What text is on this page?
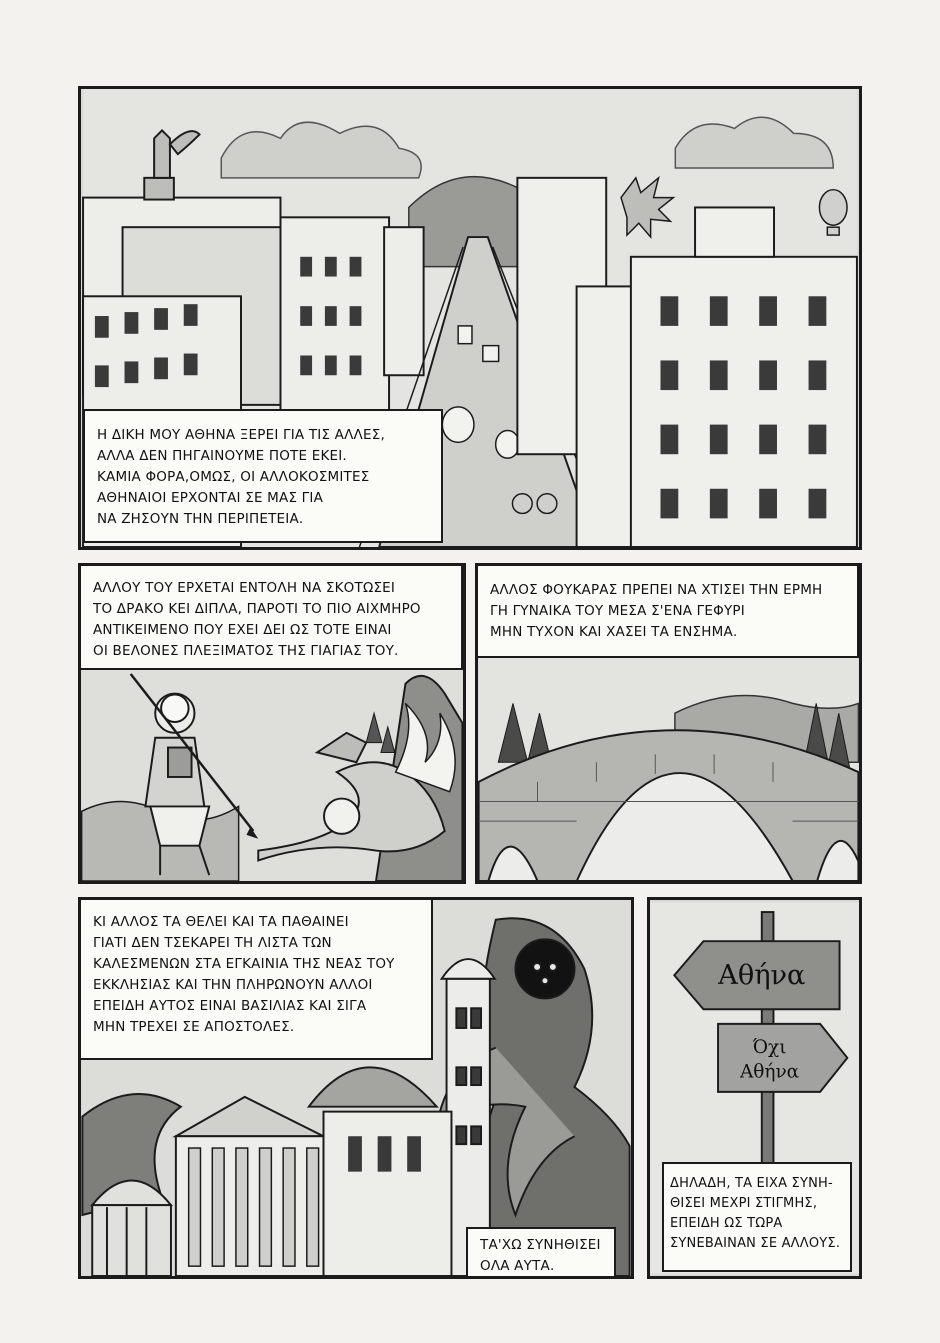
Η ΔΙΚΗ ΜΟΥ ΑΘΗΝΑ ΞΕΡΕΙ ΓΙΑ ΤΙΣ ΑΛΛΕΣ,
ΑΛΛΑ ΔΕΝ ΠΗΓΑΙΝΟΥΜΕ ΠΟΤΕ ΕΚΕΙ.
ΚΑΜΙΑ ΦΟΡΑ,ΟΜΩΣ, ΟΙ ΑΛΛΟΚΟΣΜΙΤΕΣ
ΑΘΗΝΑΙΟΙ ΕΡΧΟΝΤΑΙ ΣΕ ΜΑΣ ΓΙΑ
ΝΑ ΖΗΣΟΥΝ ΤΗΝ ΠΕΡΙΠΕΤΕΙΑ.
ΑΛΛΟΥ ΤΟΥ ΕΡΧΕΤΑΙ ΕΝΤΟΛΗ ΝΑ ΣΚΟΤΩΣΕΙ
ΤΟ ΔΡΑΚΟ ΚΕΙ ΔΙΠΛΑ, ΠΑΡΟΤΙ ΤΟ ΠΙΟ ΑΙΧΜΗΡΟ
ΑΝΤΙΚΕΙΜΕΝΟ ΠΟΥ ΕΧΕΙ ΔΕΙ ΩΣ ΤΟΤΕ ΕΙΝΑΙ
ΟΙ ΒΕΛΟΝΕΣ ΠΛΕΞΙΜΑΤΟΣ ΤΗΣ ΓΙΑΓΙΑΣ ΤΟΥ.
ΑΛΛΟΣ ΦΟΥΚΑΡΑΣ ΠΡΕΠΕΙ ΝΑ ΧΤΙΣΕΙ ΤΗΝ ΕΡΜΗ
ΓΗ ΓΥΝΑΙΚΑ ΤΟΥ ΜΕΣΑ Σ'ΕΝΑ ΓΕΦΥΡΙ
ΜΗΝ ΤΥΧΟΝ ΚΑΙ ΧΑΣΕΙ ΤΑ ΕΝΣΗΜΑ.
ΚΙ ΑΛΛΟΣ ΤΑ ΘΕΛΕΙ ΚΑΙ ΤΑ ΠΑΘΑΙΝΕΙ
ΓΙΑΤΙ ΔΕΝ ΤΣΕΚΑΡΕΙ ΤΗ ΛΙΣΤΑ ΤΩΝ
ΚΑΛΕΣΜΕΝΩΝ ΣΤΑ ΕΓΚΑΙΝΙΑ ΤΗΣ ΝΕΑΣ ΤΟΥ
ΕΚΚΛΗΣΙΑΣ ΚΑΙ ΤΗΝ ΠΛΗΡΩΝΟΥΝ ΑΛΛΟΙ
ΕΠΕΙΔΗ ΑΥΤΟΣ ΕΙΝΑΙ ΒΑΣΙΛΙΑΣ ΚΑΙ ΣΙΓΑ
ΜΗΝ ΤΡΕΧΕΙ ΣΕ ΑΠΟΣΤΟΛΕΣ.
ΤΑ'ΧΩ ΣΥΝΗΘΙΣΕΙ
ΟΛΑ ΑΥΤΑ.
Αθήνα
Όχι
Αθήνα
ΔΗΛΑΔΗ, ΤΑ ΕΙΧΑ ΣΥΝΗ-
ΘΙΣΕΙ ΜΕΧΡΙ ΣΤΙΓΜΗΣ,
ΕΠΕΙΔΗ ΩΣ ΤΩΡΑ
ΣΥΝΕΒΑΙΝΑΝ ΣΕ ΑΛΛΟΥΣ.
